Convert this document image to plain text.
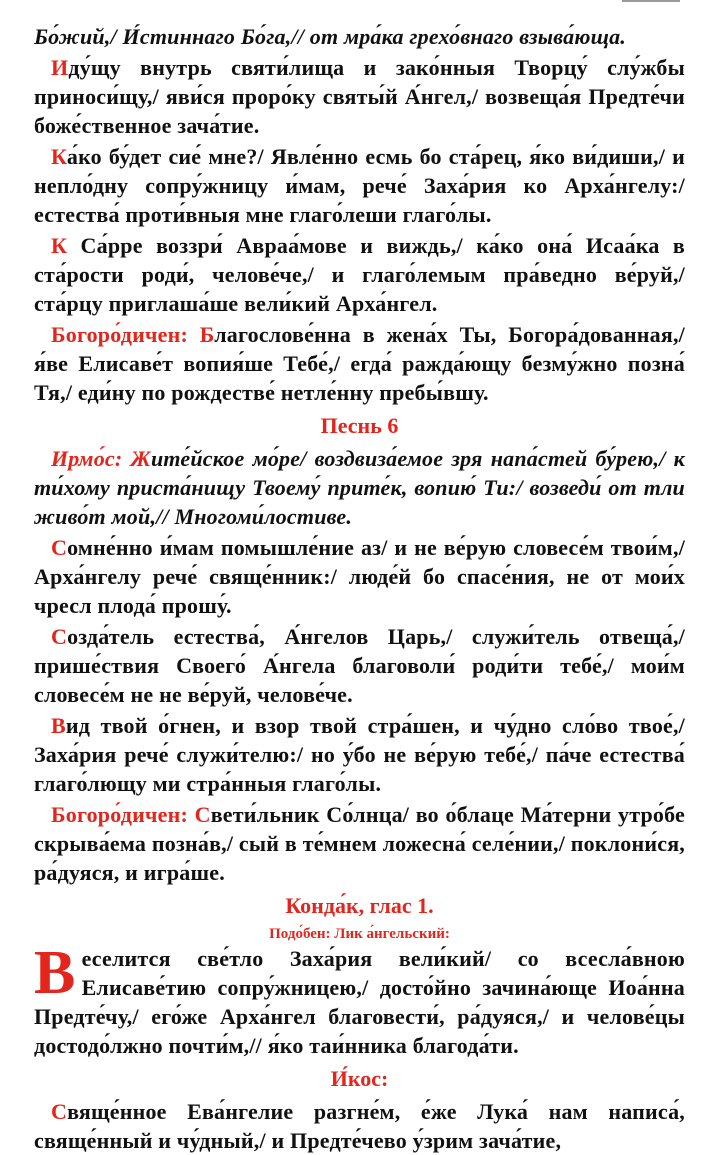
Бо́жий,/ И́стиннаго Бо́га,// от мра́ка грехо́внаго взыва́юща.

Иду́щу внутрь святи́лища и зако́нныя Творцу́ слу́жбы приноси́щу,/ яви́ся проро́ку святы́й А́нгел,/ возвеща́я Предте́чи боже́ственное зача́тие.

Ка́ко бу́дет сие́ мне?/ Явле́нно есмь бо ста́рец, я́ко ви́диши,/ и непло́дну сопру́жницу и́мам, рече́ Заха́рия ко Арха́нгелу:/ естества́ проти́вныя мне глаго́леши глаго́лы.

К Са́рре воззри́ Авраа́мове и виждь,/ ка́ко она́ Исаа́ка в ста́рости роди́, челове́че,/ и глаго́лемым пра́ведно ве́руй,/ ста́рцу приглаша́ше вели́кий Арха́нгел.

Богоро́дичен: Благослове́нна в жена́х Ты, Богора́дованная,/ я́ве Елисаве́т вопия́ше Тебе́,/ егда́ ражда́ющу безму́жно позна́ Тя,/ еди́ну по рождестве́ нетле́нну пребы́вшу.

Песнь 6

Ирмо́с: Жите́йское мо́ре/ воздвиза́емое зря напа́стей бу́рею,/ к ти́хому приста́нищу Твоему́ прите́к, вопию́ Ти:/ возведи́ от тли живо́т мой,// Многоми́лостиве.

Сомне́нно и́мам помышле́ние аз/ и не ве́рую словесе́м твои́м,/ Арха́нгелу рече́ свяще́нник:/ люде́й бо спасе́ния, не от мои́х чресл плода́ прошу́.

Созда́тель естества́, А́нгелов Царь,/ служи́тель отвеща́,/ прише́ствия Своего́ А́нгела благоволи́ роди́ти тебе́,/ мои́м словесе́м не не ве́руй, челове́че.

Вид твой о́гнен, и взор твой стра́шен, и чу́дно сло́во твое́,/ Заха́рия рече́ служи́телю:/ но у́бо не ве́рую тебе́,/ па́че естества́ глаго́лющу ми стра́нныя глаго́лы.

Богоро́дичен: Свети́льник Со́лнца/ во о́блаце Ма́терни утро́бе скрыва́ема позна́в,/ сый в те́мнем ложесна́ селе́нии,/ поклони́ся, ра́дуяся, и игра́ше.

Конда́к, глас 1.
Подо́бен: Лик а́нгельский:

Веселится све́тло Заха́рия вели́кий/ со всесла́вною Елисаве́тию сопру́жницею,/ досто́йно зачина́юще Иоа́нна Предте́чу,/ его́же Арха́нгел благовести́, ра́дуяся,/ и челове́цы достодо́лжно почти́м,// я́ко таи́нника благода́ти.

И́кос:

Свяще́нное Ева́нгелие разгне́м, е́же Лука́ нам написа́, свяще́нный и чу́дный,/ и Предте́чево у́зрим зача́тие,
